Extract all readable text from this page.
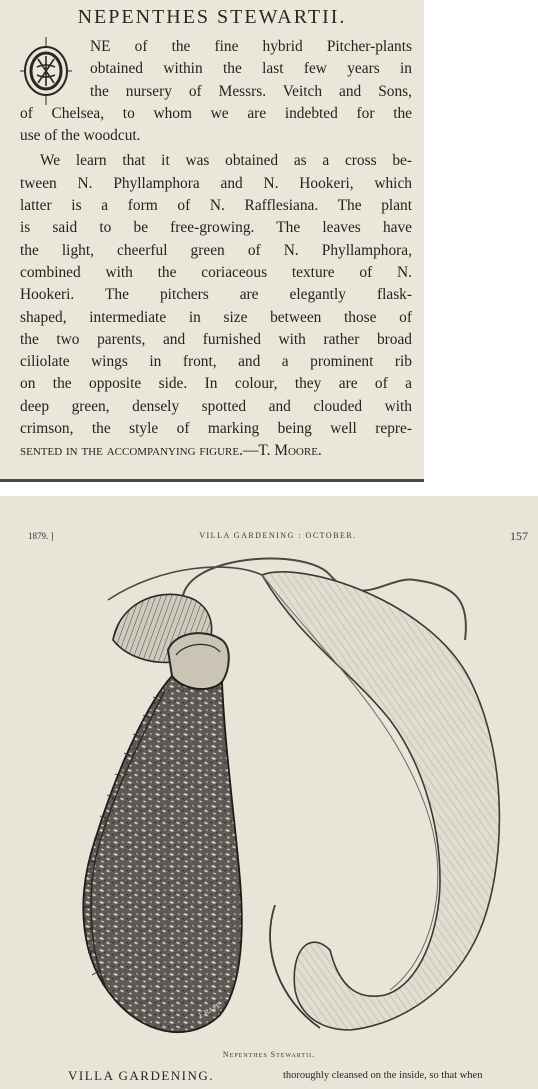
NEPENTHES STEWARTII.
NE of the fine hybrid Pitcher-plants
obtained within the last few years in
the nursery of Messrs. Veitch and Sons,
of Chelsea, to whom we are indebted for the
use of the woodcut.
We learn that it was obtained as a cross be-
tween N. Phyllamphora and N. Hookeri, which
latter is a form of N. Rafflesiana. The plant
is said to be free-growing. The leaves have
the light, cheerful green of N. Phyllamphora,
combined with the coriaceous texture of N.
Hookeri. The pitchers are elegantly flask-
shaped, intermediate in size between those of
the two parents, and furnished with rather broad
ciliolate wings in front, and a prominent rib
on the opposite side. In colour, they are of a
deep green, densely spotted and clouded with
crimson, the style of marking being well repre-
sented in the accompanying figure.—T. Moore.
1879. ]	VILLA GARDENING : OCTOBER.	157
J. RAFE
Nepenthes Stewartii.
VILLA GARDENING.	thoroughly cleansed on the inside, so that when
